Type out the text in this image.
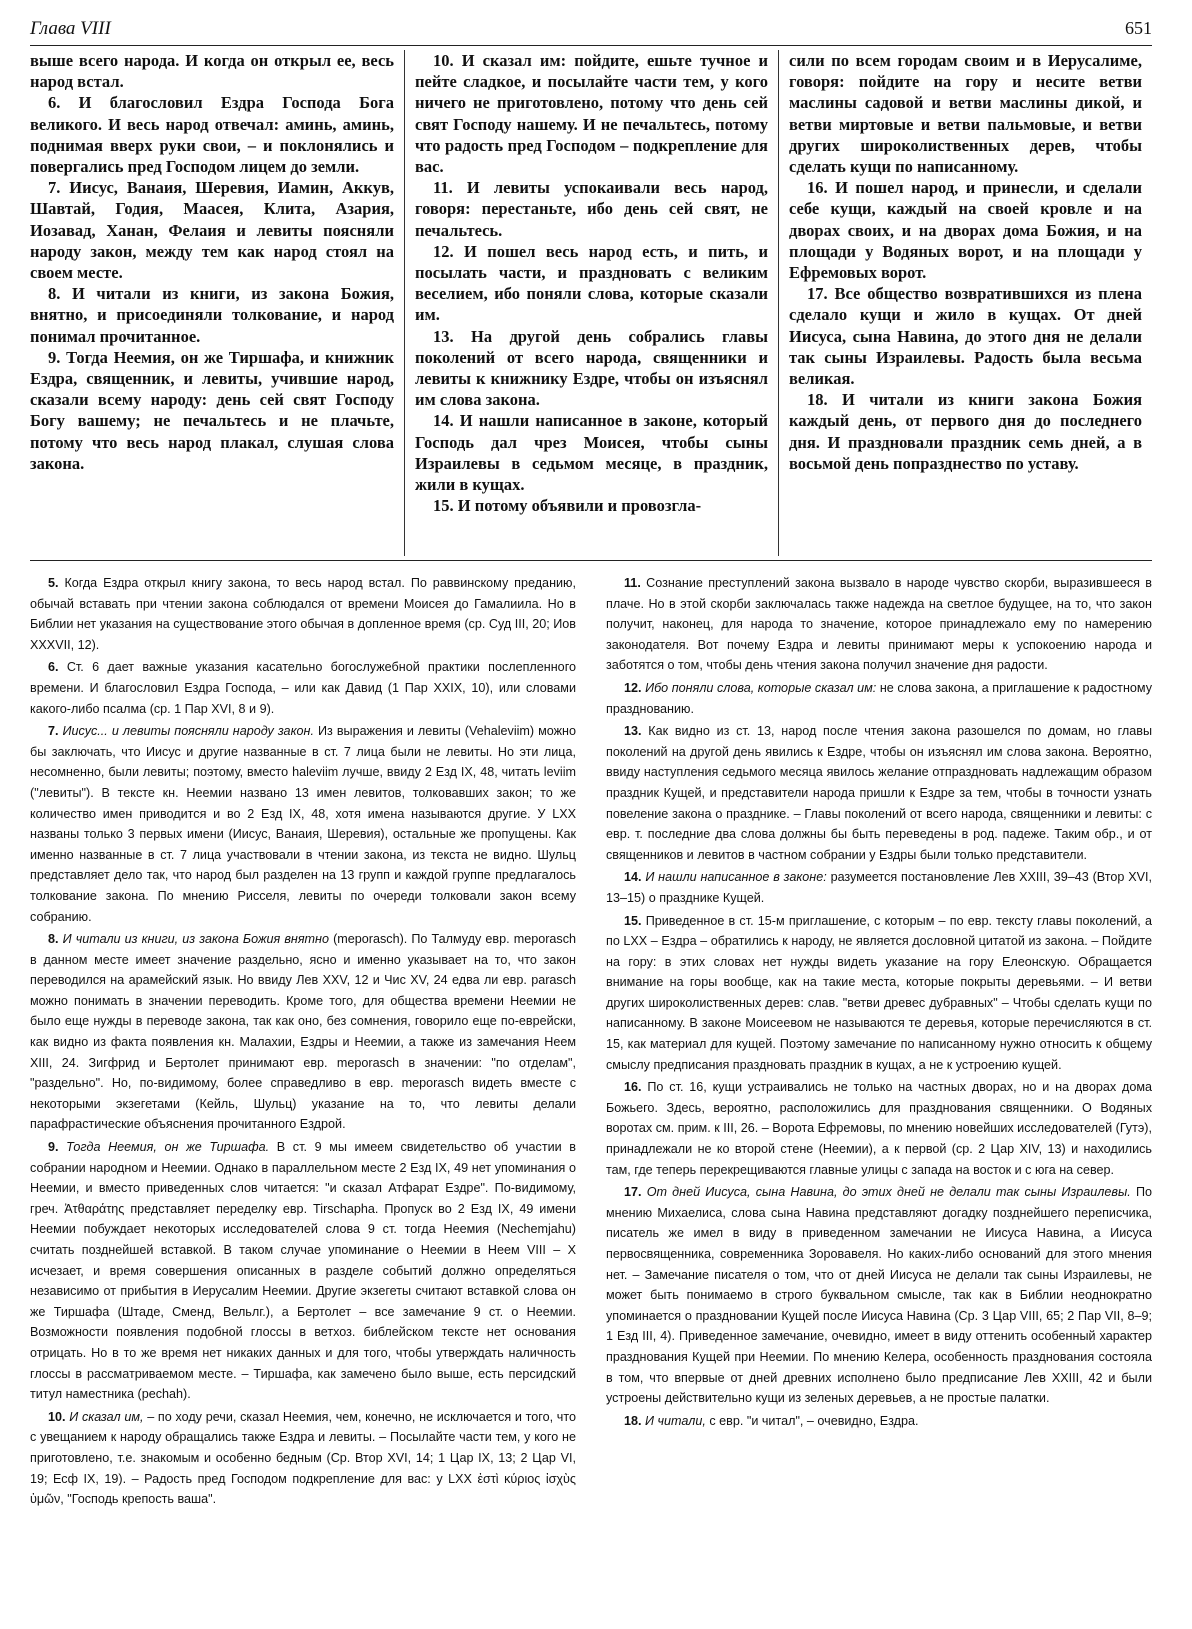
Глава VIII	651

выше всего народа. И когда он открыл ее, весь народ встал.

6. И благословил Ездра Господа Бога великого. И весь народ отвечал: аминь, аминь, поднимая вверх руки свои, – и поклонялись и повергались пред Господом лицем до земли.

7. Иисус, Ванаия, Шеревия, Иамин, Аккув, Шавтай, Годия, Маасея, Клита, Азария, Иозавад, Ханан, Фелаия и левиты поясняли народу закон, между тем как народ стоял на своем месте.

8. И читали из книги, из закона Божия, внятно, и присоединяли толкование, и народ понимал прочитанное.

9. Тогда Неемия, он же Тиршафа, и книжник Ездра, священник, и левиты, учившие народ, сказали всему народу: день сей свят Господу Богу вашему; не печальтесь и не плачьте, потому что весь народ плакал, слушая слова закона.

10. И сказал им: пойдите, ешьте тучное и пейте сладкое, и посылайте части тем, у кого ничего не приготовлено, потому что день сей свят Господу нашему. И не печальтесь, потому что радость пред Господом – подкрепление для вас.

11. И левиты успокаивали весь народ, говоря: перестаньте, ибо день сей свят, не печальтесь.

12. И пошел весь народ есть, и пить, и посылать части, и праздновать с великим веселием, ибо поняли слова, которые сказали им.

13. На другой день собрались главы поколений от всего народа, священники и левиты к книжнику Ездре, чтобы он изъяснял им слова закона.

14. И нашли написанное в законе, который Господь дал чрез Моисея, чтобы сыны Израилевы в седьмом месяце, в праздник, жили в кущах.

15. И потому объявили и провозгла-

сили по всем городам своим и в Иерусалиме, говоря: пойдите на гору и несите ветви маслины садовой и ветви маслины дикой, и ветви миртовые и ветви пальмовые, и ветви других широколиственных дерев, чтобы сделать кущи по написанному.

16. И пошел народ, и принесли, и сделали себе кущи, каждый на своей кровле и на дворах своих, и на дворах дома Божия, и на площади у Водяных ворот, и на площади у Ефремовых ворот.

17. Все общество возвратившихся из плена сделало кущи и жило в кущах. От дней Иисуса, сына Навина, до этого дня не делали так сыны Израилевы. Радость была весьма великая.

18. И читали из книги закона Божия каждый день, от первого дня до последнего дня. И праздновали праздник семь дней, а в восьмой день попразднество по уставу.

5. Когда Ездра открыл книгу закона, то весь народ встал. По раввинскому преданию, обычай вставать при чтении закона соблюдался от времени Моисея до Гамалиила. Но в Библии нет указания на существование этого обычая в допленное время (ср. Суд III, 20; Иов XXXVII, 12).

6. Ст. 6 дает важные указания касательно богослужебной практики послепленного времени. И благословил Ездра Господа, – или как Давид (1 Пар XXIX, 10), или словами какого-либо псалма (ср. 1 Пар XVI, 8 и 9).

7. Иисус... и левиты поясняли народу закон. Из выражения и левиты (Vehaleviim) можно бы заключать, что Иисус и другие названные в ст. 7 лица были не левиты. Но эти лица, несомненно, были левиты; поэтому, вместо haleviim лучше, ввиду 2 Езд IX, 48, читать leviim ("левиты"). В тексте кн. Неемии названо 13 имен левитов, толковавших закон; то же количество имен приводится и во 2 Езд IX, 48, хотя имена называются другие. У LXX названы только 3 первых имени (Иисус, Ванаия, Шеревия), остальные же пропущены. Как именно названные в ст. 7 лица участвовали в чтении закона, из текста не видно. Шульц представляет дело так, что народ был разделен на 13 групп и каждой группе предлагалось толкование закона. По мнению Рисселя, левиты по очереди толковали закон всему собранию.

8. И читали из книги, из закона Божия внятно (meporasch). По Талмуду евр. meporasch в данном месте имеет значение раздельно, ясно и именно указывает на то, что закон переводился на арамейский язык. Но ввиду Лев XXV, 12 и Чис XV, 24 едва ли евр. parasch можно понимать в значении переводить. Кроме того, для общества времени Неемии не было еще нужды в переводе закона, так как оно, без сомнения, говорило еще по-еврейски, как видно из факта появления кн. Малахии, Ездры и Неемии, а также из замечания Неем XIII, 24. Зигфрид и Бертолет принимают евр. meporasch в значении: "по отделам", "раздельно". Но, по-видимому, более справедливо в евр. meporasch видеть вместе с некоторыми экзегетами (Кейль, Шульц) указание на то, что левиты делали парафрастические объяснения прочитанного Ездрой.

9. Тогда Неемия, он же Тиршафа. В ст. 9 мы имеем свидетельство об участии в собрании народном и Неемии. Однако в параллельном месте 2 Езд IX, 49 нет упоминания о Неемии, и вместо приведенных слов читается: "и сказал Атфарат Ездре". По-видимому, греч. Ἀτθαράτης представляет переделку евр. Tirschapha. Пропуск во 2 Езд IX, 49 имени Неемии побуждает некоторых исследователей слова 9 ст. тогда Неемия (Nechemjahu) считать позднейшей вставкой. В таком случае упоминание о Неемии в Неем VIII – X исчезает, и время совершения описанных в разделе событий должно определяться независимо от прибытия в Иерусалим Неемии. Другие экзегеты считают вставкой слова он же Тиршафа (Штаде, Сменд, Вельлг.), а Бертолет – все замечание 9 ст. о Неемии. Возможности появления подобной глоссы в ветхоз. библейском тексте нет основания отрицать. Но в то же время нет никаких данных и для того, чтобы утверждать наличность глоссы в рассматриваемом месте. – Тиршафа, как замечено было выше, есть персидский титул наместника (pechah).

10. И сказал им, – по ходу речи, сказал Неемия, чем, конечно, не исключается и того, что с увещанием к народу обращались также Ездра и левиты. – Посылайте части тем, у кого не приготовлено, т.е. знакомым и особенно бедным (Ср. Втор XVI, 14; 1 Цар IX, 13; 2 Цар VI, 19; Есф IX, 19). – Радость пред Господом подкрепление для вас: у LXX ἐστὶ κύριος ἰσχὺς ὑμῶν, "Господь крепость ваша".

11. Сознание преступлений закона вызвало в народе чувство скорби, выразившееся в плаче. Но в этой скорби заключалась также надежда на светлое будущее, на то, что закон получит, наконец, для народа то значение, которое принадлежало ему по намерению законодателя. Вот почему Ездра и левиты принимают меры к успокоению народа и заботятся о том, чтобы день чтения закона получил значение дня радости.

12. Ибо поняли слова, которые сказал им: не слова закона, а приглашение к радостному празднованию.

13. Как видно из ст. 13, народ после чтения закона разошелся по домам, но главы поколений на другой день явились к Ездре, чтобы он изъяснял им слова закона. Вероятно, ввиду наступления седьмого месяца явилось желание отпраздновать надлежащим образом праздник Кущей, и представители народа пришли к Ездре за тем, чтобы в точности узнать повеление закона о празднике. – Главы поколений от всего народа, священники и левиты: с евр. т. последние два слова должны бы быть переведены в род. падеже. Таким обр., и от священников и левитов в частном собрании у Ездры были только представители.

14. И нашли написанное в законе: разумеется постановление Лев XXIII, 39–43 (Втор XVI, 13–15) о празднике Кущей.

15. Приведенное в ст. 15-м приглашение, с которым – по евр. тексту главы поколений, а по LXX – Ездра – обратились к народу, не является дословной цитатой из закона. – Пойдите на гору: в этих словах нет нужды видеть указание на гору Елеонскую. Обращается внимание на горы вообще, как на такие места, которые покрыты деревьями. – И ветви других широколиственных дерев: слав. "ветви древес дубравных" – Чтобы сделать кущи по написанному. В законе Моисеевом не называются те деревья, которые перечисляются в ст. 15, как материал для кущей. Поэтому замечание по написанному нужно относить к общему смыслу предписания праздновать праздник в кущах, а не к устроению кущей.

16. По ст. 16, кущи устраивались не только на частных дворах, но и на дворах дома Божьего. Здесь, вероятно, расположились для празднования священники. О Водяных воротах см. прим. к III, 26. – Ворота Ефремовы, по мнению новейших исследователей (Гутэ), принадлежали не ко второй стене (Неемии), а к первой (ср. 2 Цар XIV, 13) и находились там, где теперь перекрещиваются главные улицы с запада на восток и с юга на север.

17. От дней Иисуса, сына Навина, до этих дней не делали так сыны Израилевы. По мнению Михаелиса, слова сына Навина представляют догадку позднейшего переписчика, писатель же имел в виду в приведенном замечании не Иисуса Навина, а Иисуса первосвященника, современника Зоровавеля. Но каких-либо оснований для этого мнения нет. – Замечание писателя о том, что от дней Иисуса не делали так сыны Израилевы, не может быть понимаемо в строго буквальном смысле, так как в Библии неоднократно упоминается о праздновании Кущей после Иисуса Навина (Ср. 3 Цар VIII, 65; 2 Пар VII, 8–9; 1 Езд III, 4). Приведенное замечание, очевидно, имеет в виду оттенить особенный характер празднования Кущей при Неемии. По мнению Келера, особенность празднования состояла в том, что впервые от дней древних исполнено было предписание Лев XXIII, 42 и были устроены действительно кущи из зеленых деревьев, а не простые палатки.

18. И читали, с евр. "и читал", – очевидно, Ездра.
